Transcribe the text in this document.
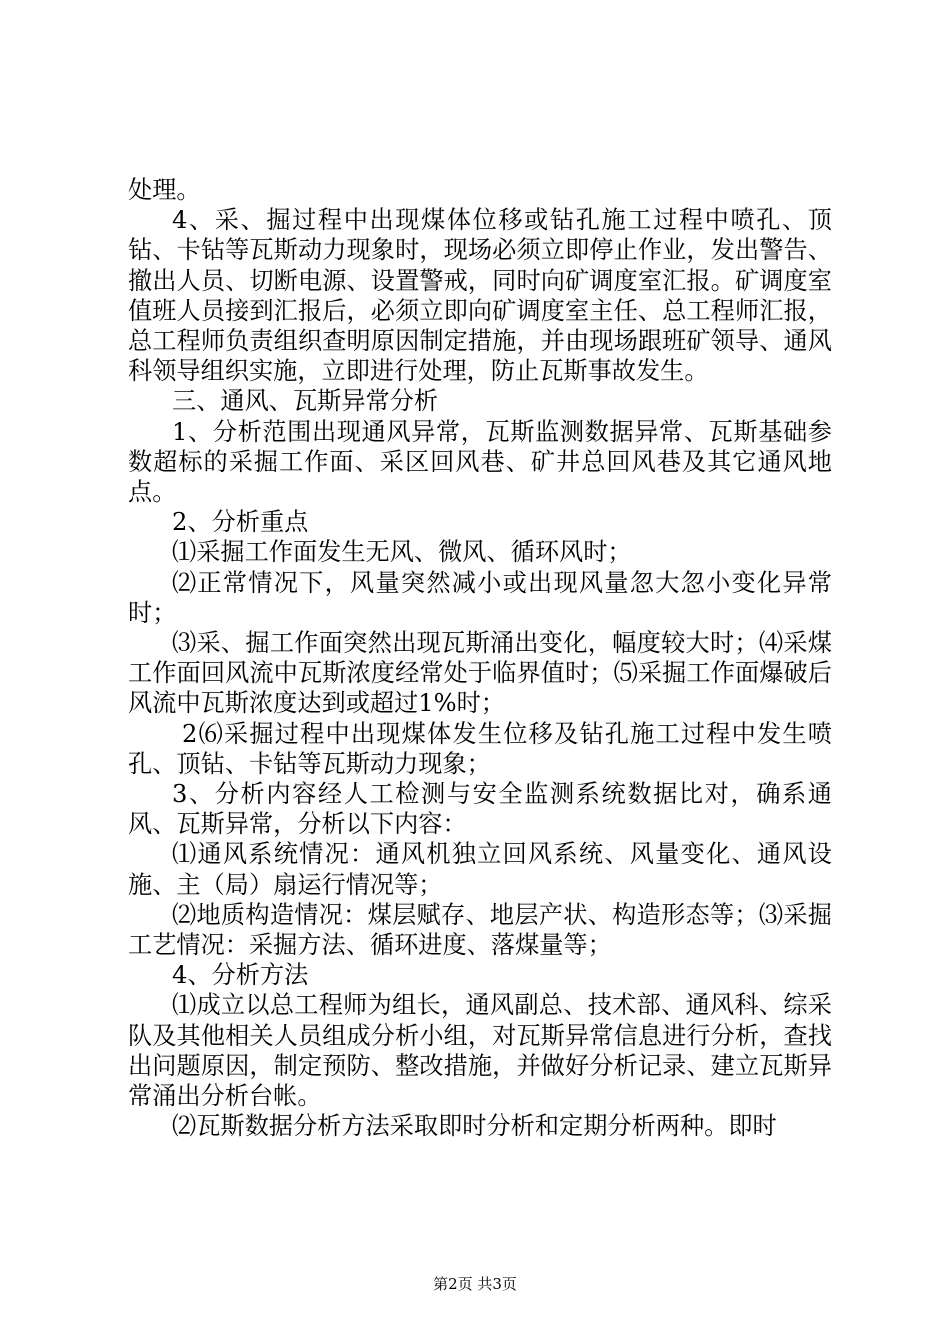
处理。

4、采、掘过程中出现煤体位移或钻孔施工过程中喷孔、顶钻、卡钻等瓦斯动力现象时，现场必须立即停止作业，发出警告、撤出人员、切断电源、设置警戒，同时向矿调度室汇报。矿调度室值班人员接到汇报后，必须立即向矿调度室主任、总工程师汇报，总工程师负责组织查明原因制定措施，并由现场跟班矿领导、通风科领导组织实施，立即进行处理，防止瓦斯事故发生。

三、通风、瓦斯异常分析

1、分析范围出现通风异常，瓦斯监测数据异常、瓦斯基础参数超标的采掘工作面、采区回风巷、矿井总回风巷及其它通风地点。

2、分析重点

⑴采掘工作面发生无风、微风、循环风时；

⑵正常情况下，风量突然减小或出现风量忽大忽小变化异常时；

⑶采、掘工作面突然出现瓦斯涌出变化，幅度较大时；⑷采煤工作面回风流中瓦斯浓度经常处于临界值时；⑸采掘工作面爆破后风流中瓦斯浓度达到或超过1%时；

2⑹采掘过程中出现煤体发生位移及钻孔施工过程中发生喷孔、顶钻、卡钻等瓦斯动力现象；

3、分析内容经人工检测与安全监测系统数据比对，确系通风、瓦斯异常，分析以下内容：

⑴通风系统情况：通风机独立回风系统、风量变化、通风设施、主（局）扇运行情况等；

⑵地质构造情况：煤层赋存、地层产状、构造形态等；⑶采掘工艺情况：采掘方法、循环进度、落煤量等；

4、分析方法

⑴成立以总工程师为组长，通风副总、技术部、通风科、综采队及其他相关人员组成分析小组，对瓦斯异常信息进行分析，查找出问题原因，制定预防、整改措施，并做好分析记录、建立瓦斯异常涌出分析台帐。

⑵瓦斯数据分析方法采取即时分析和定期分析两种。即时

第2页 共3页
